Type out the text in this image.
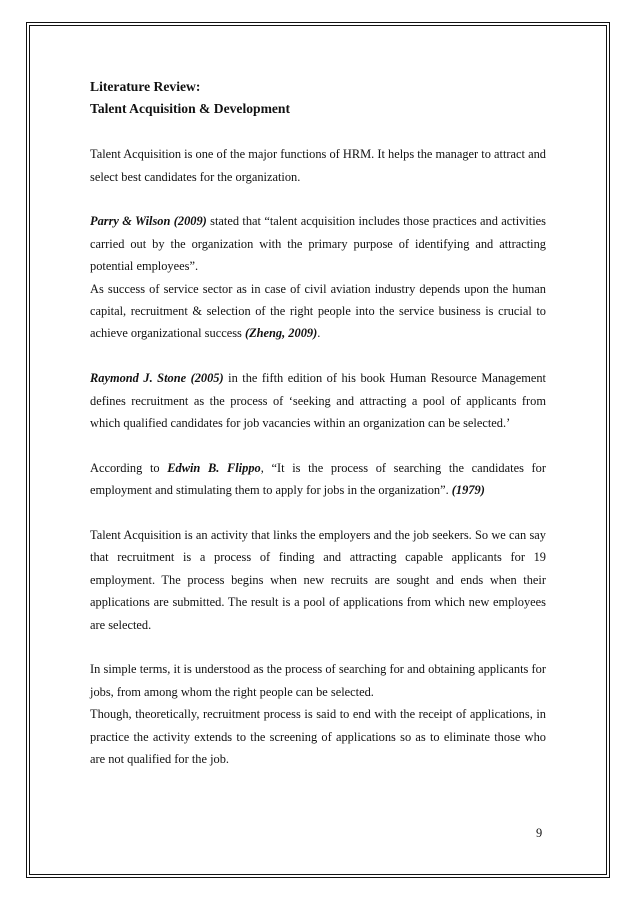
Literature Review:
Talent Acquisition & Development

Talent Acquisition is one of the major functions of HRM. It helps the manager to attract and select best candidates for the organization.

Parry & Wilson (2009) stated that “talent acquisition includes those practices and activities carried out by the organization with the primary purpose of identifying and attracting potential employees”.

As success of service sector as in case of civil aviation industry depends upon the human capital, recruitment & selection of the right people into the service business is crucial to achieve organizational success (Zheng, 2009).

Raymond J. Stone (2005) in the fifth edition of his book Human Resource Management defines recruitment as the process of ‘seeking and attracting a pool of applicants from which qualified candidates for job vacancies within an organization can be selected.’

According to Edwin B. Flippo, “It is the process of searching the candidates for employment and stimulating them to apply for jobs in the organization”. (1979)

Talent Acquisition is an activity that links the employers and the job seekers. So we can say that recruitment is a process of finding and attracting capable applicants for 19 employment. The process begins when new recruits are sought and ends when their applications are submitted. The result is a pool of applications from which new employees are selected.

In simple terms, it is understood as the process of searching for and obtaining applicants for jobs, from among whom the right people can be selected.

Though, theoretically, recruitment process is said to end with the receipt of applications, in practice the activity extends to the screening of applications so as to eliminate those who are not qualified for the job.

9
